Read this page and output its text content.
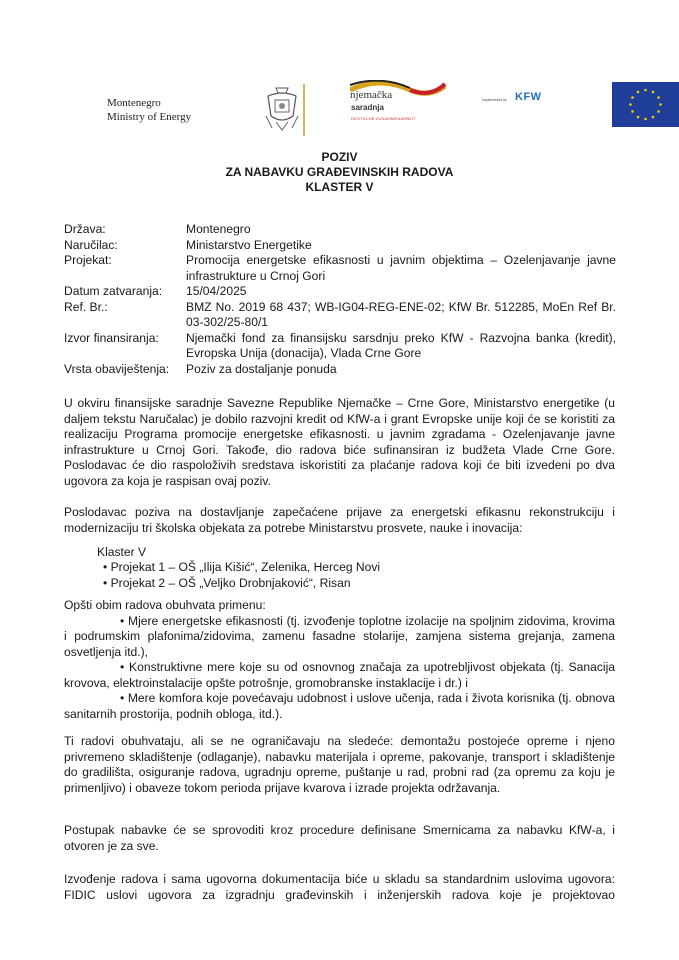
Montenegro
Ministry of Energy
njemačka
saradnja
DEUTSCHE ZUSAMMENARBEIT
Implemented by KFW
POZIV
ZA NABAVKU GRAĐEVINSKIH RADOVA
KLASTER V
Država:	Montenegro
Naručilac:	Ministarstvo Energetike
Projekat:	Promocija energetske efikasnosti u javnim objektima – Ozelenjavanje javne infrastrukture u Crnoj Gori
Datum zatvaranja:	15/04/2025
Ref. Br.:	BMZ No. 2019 68 437; WB-IG04-REG-ENE-02; KfW Br. 512285, MoEn Ref Br. 03-302/25-80/1
Izvor finansiranja:	Njemački fond za finansijsku sarsdnju preko KfW - Razvojna banka (kredit), Evropska Unija (donacija), Vlada Crne Gore
Vrsta obaviještenja:	Poziv za dostaljanje ponuda
U okviru finansijske saradnje Savezne Republike Njemačke – Crne Gore, Ministarstvo energetike (u daljem tekstu Naručalac) je dobilo razvojni kredit od KfW-a i grant Evropske unije koji će se koristiti za realizaciju Programa promocije energetske efikasnosti. u javnim zgradama - Ozelenjavanje javne infrastrukture u Crnoj Gori. Takođe, dio radova biće sufinansiran iz budžeta Vlade Crne Gore. Poslodavac će dio raspoloživih sredstava iskoristiti za plaćanje radova koji će biti izvedeni po dva ugovora za koja je raspisan ovaj poziv.
Poslodavac poziva na dostavljanje zapečaćene prijave za energetski efikasnu rekonstrukciju i modernizaciju tri školska objekata za potrebe Ministarstvu prosvete, nauke i inovacija:
Klaster V
• Projekat 1 – OŠ „Ilija Kišić“, Zelenika, Herceg Novi
• Projekat 2 – OŠ „Veljko Drobnjaković“, Risan
Opšti obim radova obuhvata primenu:
• Mjere energetske efikasnosti (tj. izvođenje toplotne izolacije na spoljnim zidovima, krovima i podrumskim plafonima/zidovima, zamenu fasadne stolarije, zamjena sistema grejanja, zamena osvetljenja itd.),
• Konstruktivne mere koje su od osnovnog značaja za upotrebljivost objekata (tj. Sanacija krovova, elektroinstalacije opšte potrošnje, gromobranske instaklacije i dr.) i
• Mere komfora koje povećavaju udobnost i uslove učenja, rada i života korisnika (tj. obnova sanitarnih prostorija, podnih obloga, itd.).
Ti radovi obuhvataju, ali se ne ograničavaju na sledeće: demontažu postojeće opreme i njeno privremeno skladištenje (odlaganje), nabavku materijala i opreme, pakovanje, transport i skladištenje do gradilišta, osiguranje radova, ugradnju opreme, puštanje u rad, probni rad (za opremu za koju je primenljivo) i obaveze tokom perioda prijave kvarova i izrade projekta održavanja.
Postupak nabavke će se sprovoditi kroz procedure definisane Smernicama za nabavku KfW-a, i otvoren je za sve.
Izvođenje radova i sama ugovorna dokumentacija biće u skladu sa standardnim uslovima ugovora: FIDIC uslovi ugovora za izgradnju građevinskih i inženjerskih radova koje je projektovao
